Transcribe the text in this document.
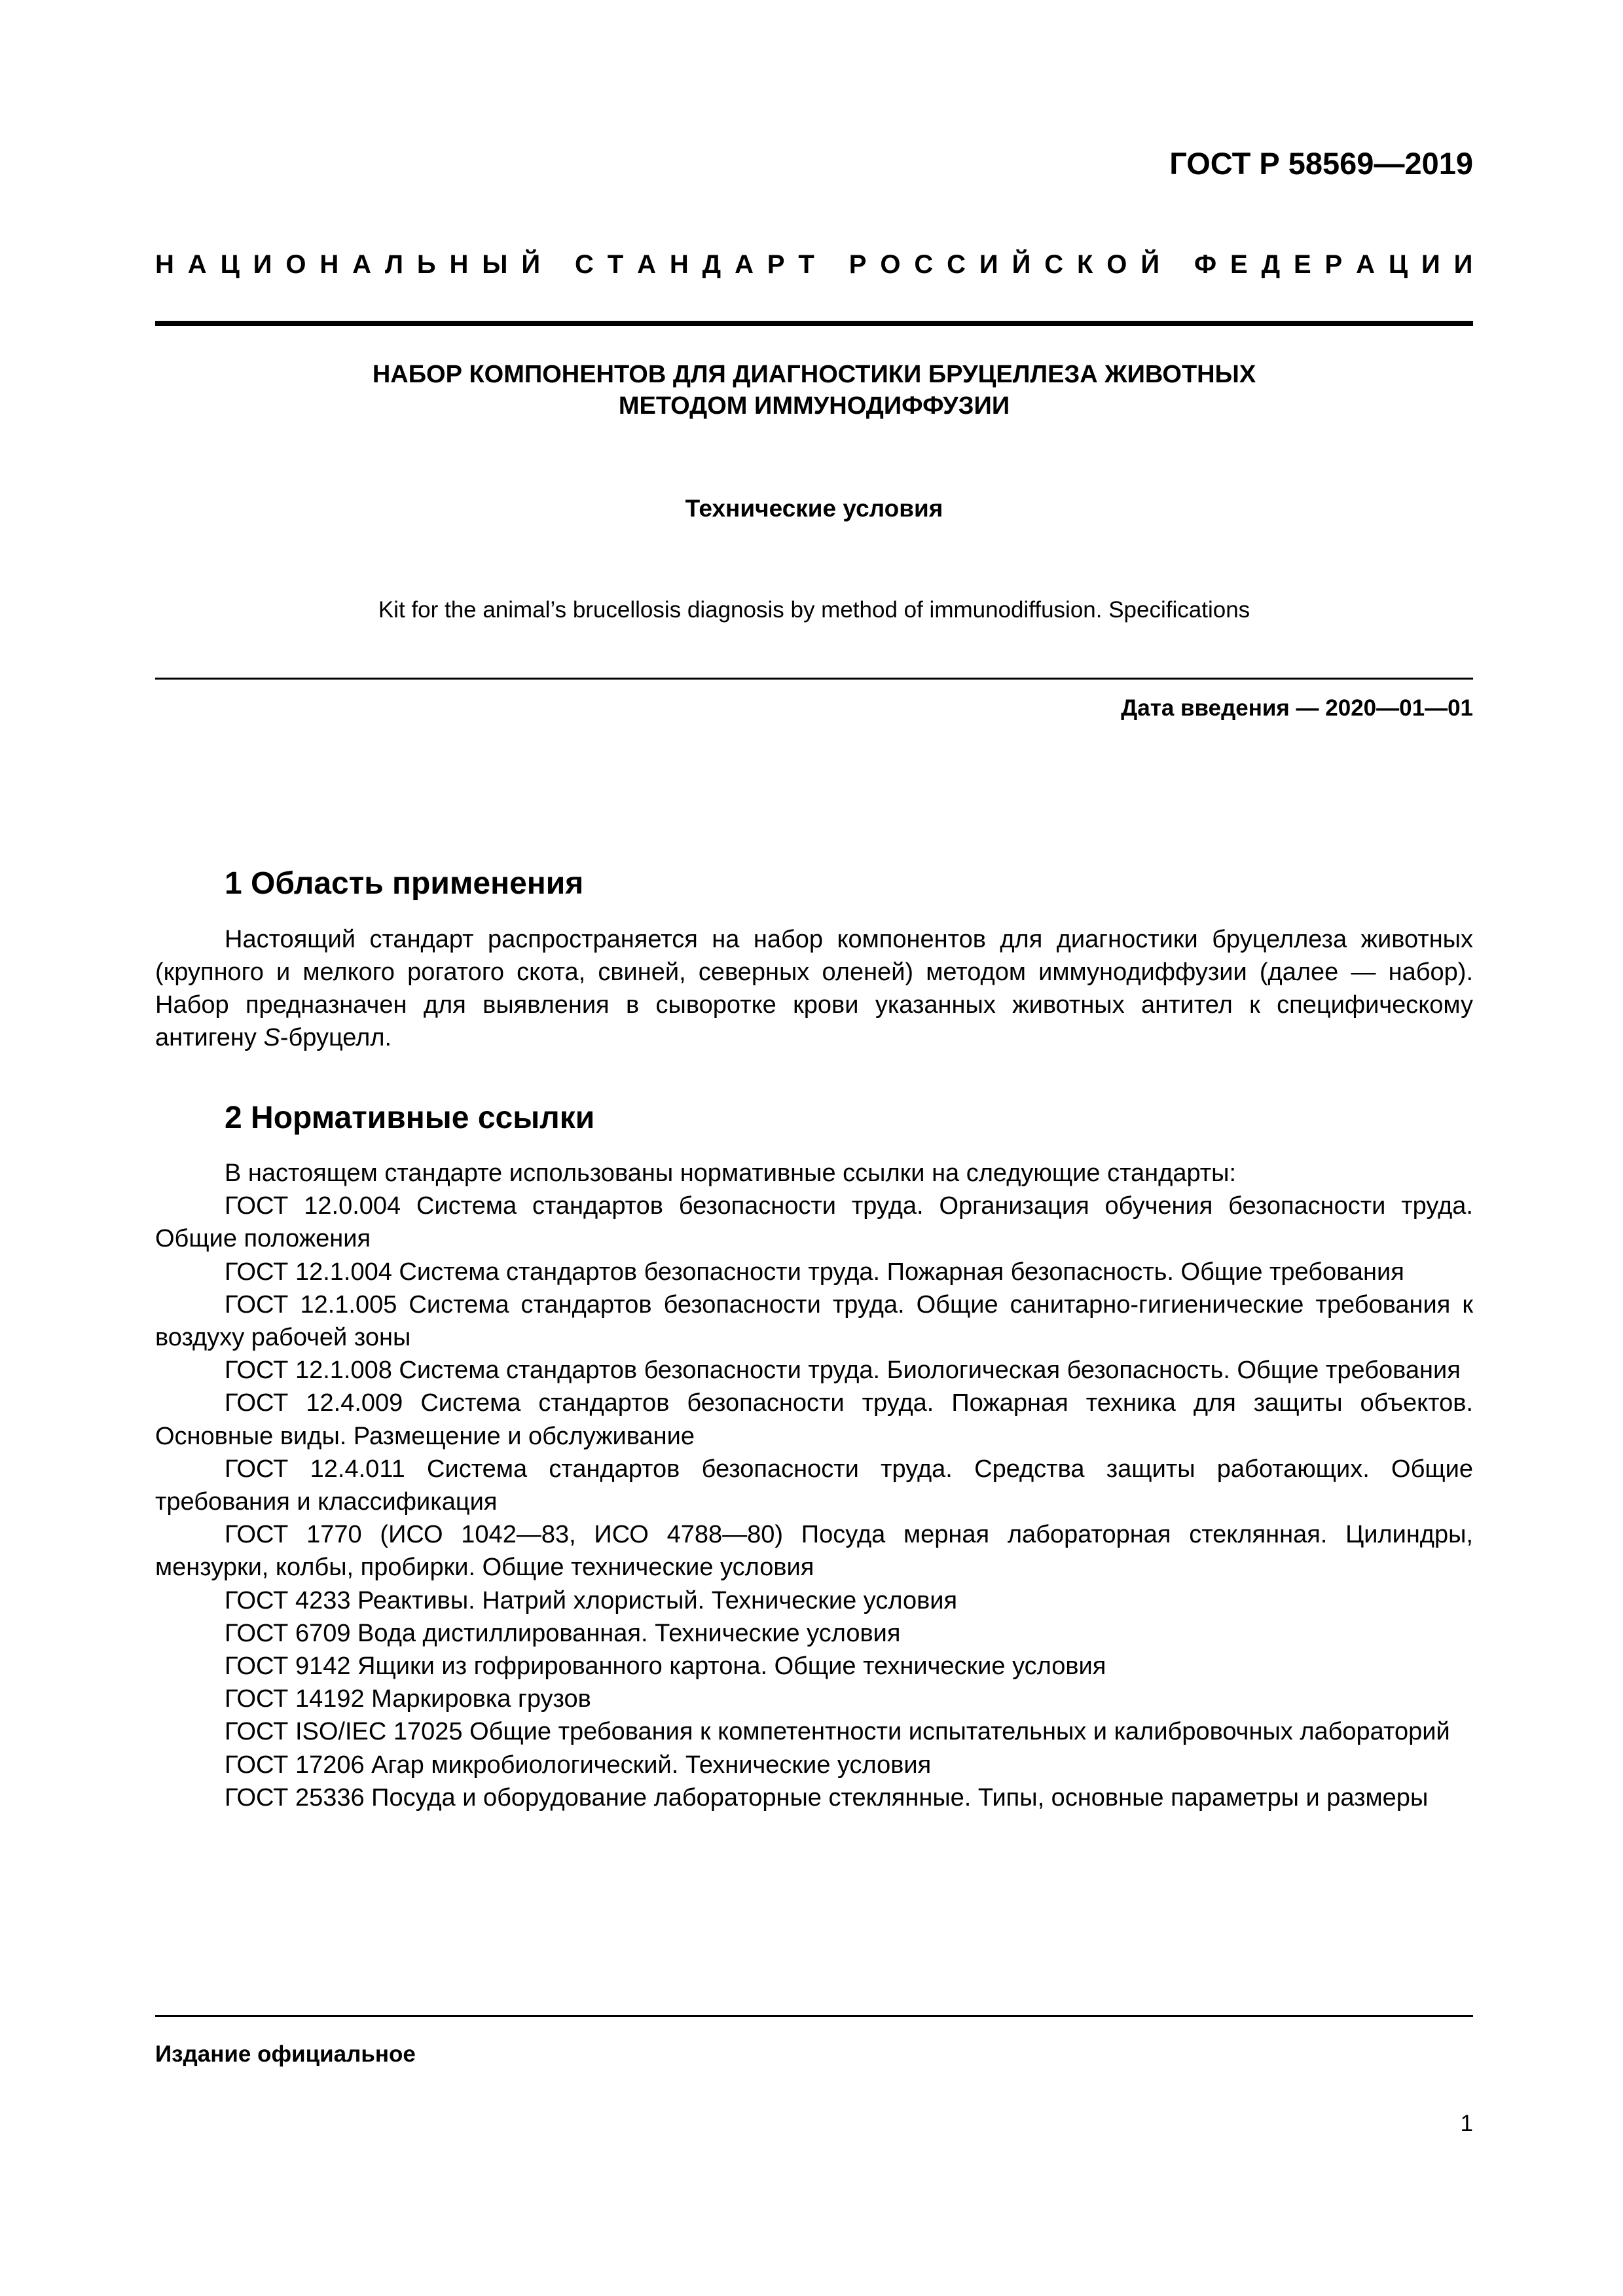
ГОСТ Р 58569—2019
Н А Ц И О Н А Л Ь Н Ы Й
С Т А Н Д А Р Т
Р О С С И Й С К О Й
Ф Е Д Е Р А Ц И И
НАБОР КОМПОНЕНТОВ ДЛЯ ДИАГНОСТИКИ БРУЦЕЛЛЕЗА ЖИВОТНЫХ
МЕТОДОМ ИММУНОДИФФУЗИИ
Технические условия
Kit for the animal’s brucellosis diagnosis by method of immunodiffusion. Specifications
Дата введения — 2020—01—01
1 Область применения
Настоящий стандарт распространяется на набор компонентов для диагностики бруцеллеза животных (крупного и мелкого рогатого скота, свиней, северных оленей) методом иммунодиффузии (далее — набор). Набор предназначен для выявления в сыворотке крови указанных животных антител к специфическому антигену S-бруцелл.
2 Нормативные ссылки
В настоящем стандарте использованы нормативные ссылки на следующие стандарты:
ГОСТ 12.0.004 Система стандартов безопасности труда. Организация обучения безопасности труда. Общие положения
ГОСТ 12.1.004 Система стандартов безопасности труда. Пожарная безопасность. Общие требования
ГОСТ 12.1.005 Система стандартов безопасности труда. Общие санитарно-гигиенические требования к воздуху рабочей зоны
ГОСТ 12.1.008 Система стандартов безопасности труда. Биологическая безопасность. Общие требования
ГОСТ 12.4.009 Система стандартов безопасности труда. Пожарная техника для защиты объектов. Основные виды. Размещение и обслуживание
ГОСТ 12.4.011 Система стандартов безопасности труда. Средства защиты работающих. Общие требования и классификация
ГОСТ 1770 (ИСО 1042—83, ИСО 4788—80) Посуда мерная лабораторная стеклянная. Цилиндры, мензурки, колбы, пробирки. Общие технические условия
ГОСТ 4233 Реактивы. Натрий хлористый. Технические условия
ГОСТ 6709 Вода дистиллированная. Технические условия
ГОСТ 9142 Ящики из гофрированного картона. Общие технические условия
ГОСТ 14192 Маркировка грузов
ГОСТ ISO/IEC 17025 Общие требования к компетентности испытательных и калибровочных лабораторий
ГОСТ 17206 Агар микробиологический. Технические условия
ГОСТ 25336 Посуда и оборудование лабораторные стеклянные. Типы, основные параметры и размеры
Издание официальное
1
